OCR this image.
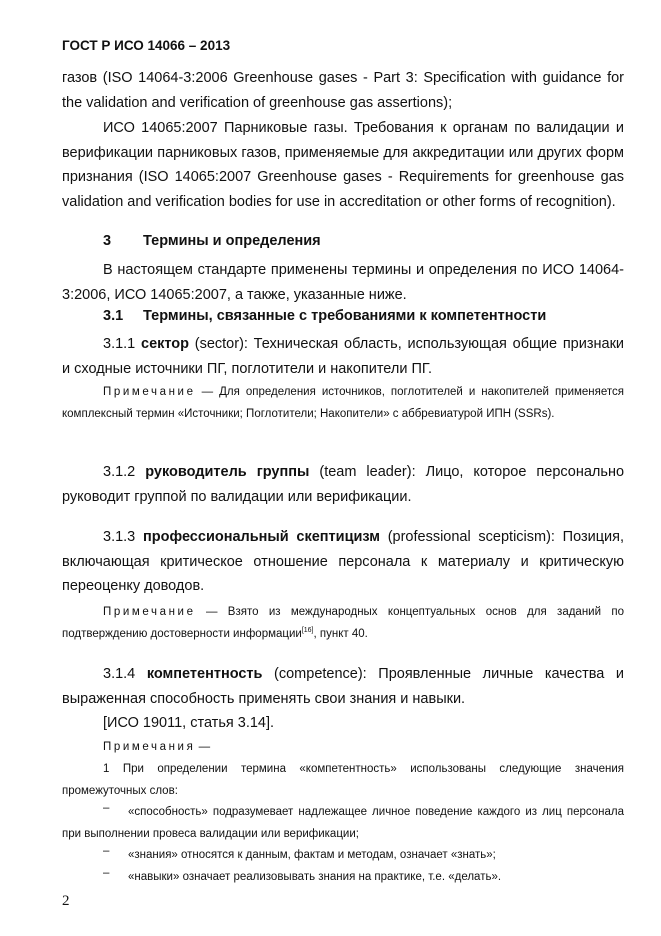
ГОСТ Р ИСО 14066 – 2013

газов (ISO 14064-3:2006 Greenhouse gases - Part 3: Specification with guidance for the validation and verification of greenhouse gas assertions);

ИСО 14065:2007 Парниковые газы. Требования к органам по валидации и верификации парниковых газов, применяемые для аккредитации или других форм признания (ISO 14065:2007 Greenhouse gases - Requirements for greenhouse gas validation and verification bodies for use in accreditation or other forms of recognition).

3 Термины и определения

В настоящем стандарте применены термины и определения по ИСО 14064-3:2006, ИСО 14065:2007, а также, указанные ниже.

3.1 Термины, связанные с требованиями к компетентности

3.1.1 сектор (sector): Техническая область, использующая общие признаки и сходные источники ПГ, поглотители и накопители ПГ.

Примечание — Для определения источников, поглотителей и накопителей применяется комплексный термин «Источники; Поглотители; Накопители» с аббревиатурой ИПН (SSRs).

3.1.2 руководитель группы (team leader): Лицо, которое персонально руководит группой по валидации или верификации.

3.1.3 профессиональный скептицизм (professional scepticism): Позиция, включающая критическое отношение персонала к материалу и критическую переоценку доводов.

Примечание — Взято из международных концептуальных основ для заданий по подтверждению достоверности информации[16], пункт 40.

3.1.4 компетентность (competence): Проявленные личные качества и выраженная способность применять свои знания и навыки.

[ИСО 19011, статья 3.14].

Примечания —

1 При определении термина «компетентность» использованы следующие значения промежуточных слов:

–	«способность» подразумевает надлежащее личное поведение каждого из лиц персонала при выполнении провеса валидации или верификации;

– «знания» относятся к данным, фактам и методам, означает «знать»;
– «навыки» означает реализовывать знания на практике, т.е. «делать».
2
